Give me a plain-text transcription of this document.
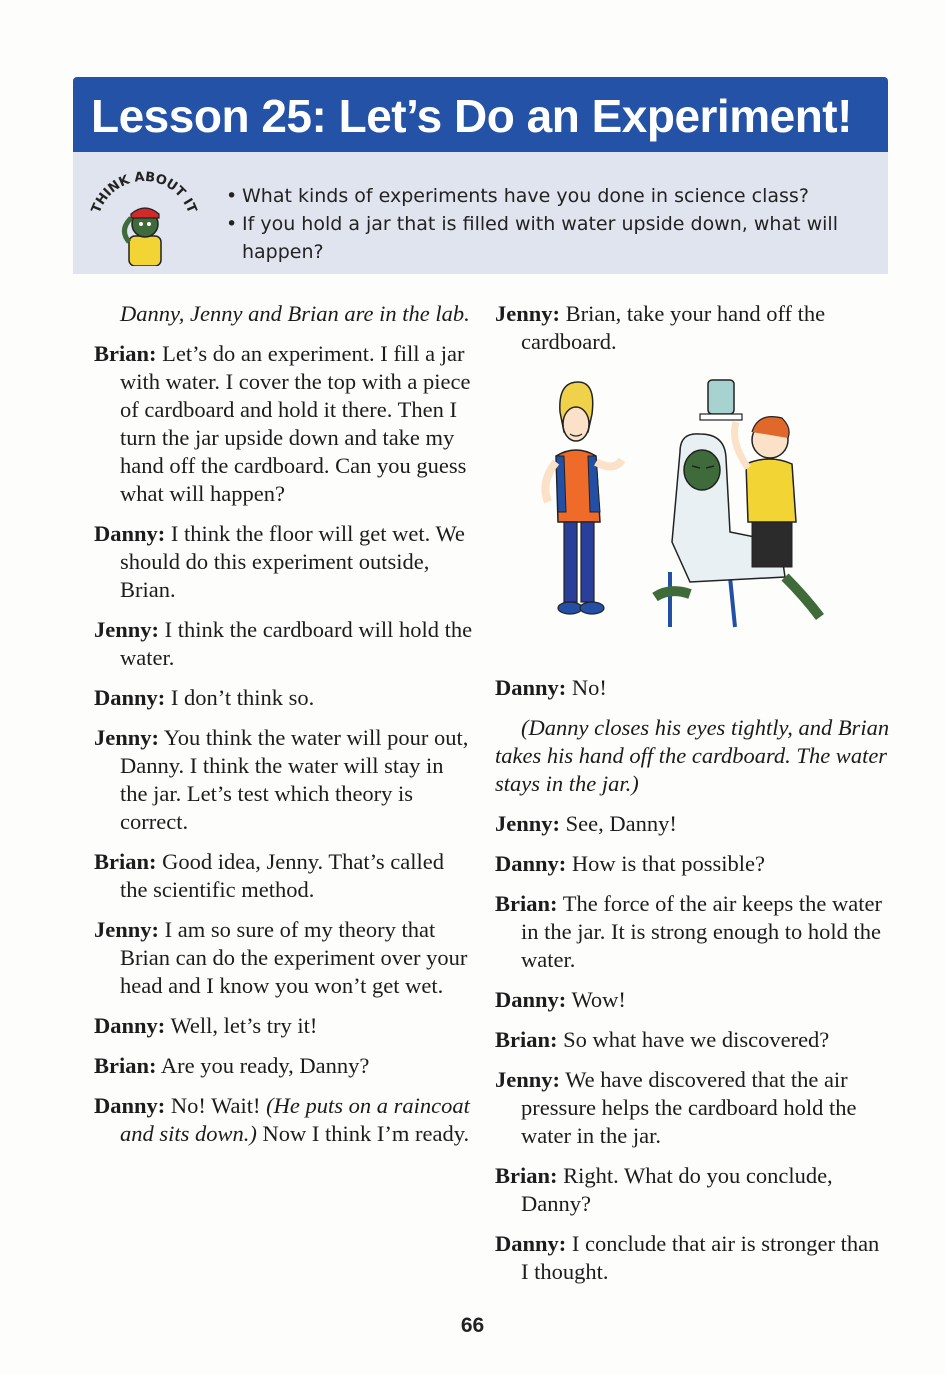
Lesson 25: Let’s Do an Experiment!
THINK ABOUT IT
• What kinds of experiments have you done in science class?
• If you hold a jar that is filled with water upside down, what will happen?

Danny, Jenny and Brian are in the lab.

Brian: Let’s do an experiment. I fill a jar with water. I cover the top with a piece of cardboard and hold it there. Then I turn the jar upside down and take my hand off the cardboard. Can you guess what will happen?

Danny: I think the floor will get wet. We should do this experiment outside, Brian.

Jenny: I think the cardboard will hold the water.

Danny: I don’t think so.

Jenny: You think the water will pour out, Danny. I think the water will stay in the jar. Let’s test which theory is correct.

Brian: Good idea, Jenny. That’s called the scientific method.

Jenny: I am so sure of my theory that Brian can do the experiment over your head and I know you won’t get wet.

Danny: Well, let’s try it!

Brian: Are you ready, Danny?

Danny: No! Wait! (He puts on a raincoat and sits down.) Now I think I’m ready.

Jenny: Brian, take your hand off the cardboard.

Danny: No!

(Danny closes his eyes tightly, and Brian takes his hand off the cardboard. The water stays in the jar.)

Jenny: See, Danny!

Danny: How is that possible?

Brian: The force of the air keeps the water in the jar. It is strong enough to hold the water.

Danny: Wow!

Brian: So what have we discovered?

Jenny: We have discovered that the air pressure helps the cardboard hold the water in the jar.

Brian: Right. What do you conclude, Danny?

Danny: I conclude that air is stronger than I thought.

66
